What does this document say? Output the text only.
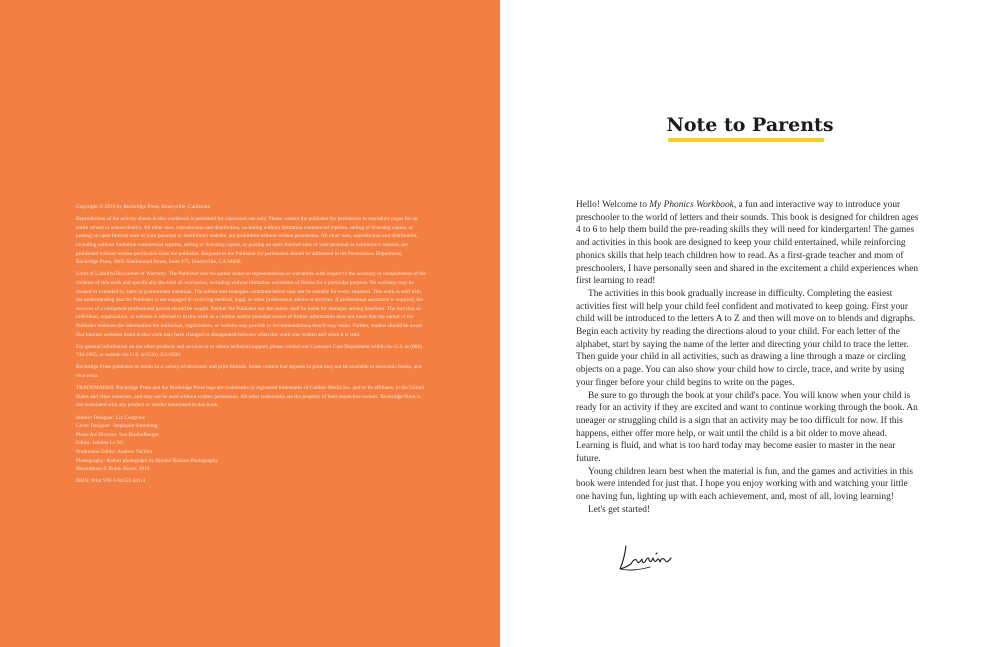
Copyright © 2019 by Rockridge Press, Emeryville, California

Reproduction of the activity sheets in this workbook is permitted for classroom use only. Please contact the publisher for permission to reproduce pages for an entire school or school district. All other uses, reproduction and distribution, including without limitation commercial reprints, selling or licensing copies, or posting on open Internet sites or your personal or institution's website, are prohibited without written permission. All other uses, reproduction and distribution, including without limitation commercial reprints, selling or licensing copies, or posting on open Internet sites or your personal or institution's website, are prohibited without written permission from the publisher. Requests to the Publisher for permission should be addressed to the Permissions Department, Rockridge Press, 6005 Shellmound Street, Suite 175, Emeryville, CA 94608.

Limit of Liability/Disclaimer of Warranty: The Publisher and the author make no representations or warranties with respect to the accuracy or completeness of the contents of this work and specifically disclaim all warranties, including without limitation warranties of fitness for a particular purpose. No warranty may be created or extended by sales or promotional materials. The advice and strategies contained herein may not be suitable for every situation. This work is sold with the understanding that the Publisher is not engaged in rendering medical, legal, or other professional advice or services. If professional assistance is required, the services of a competent professional person should be sought. Neither the Publisher nor the author shall be liable for damages arising herefrom. The fact that an individual, organization, or website is referred to in this work as a citation and/or potential source of further information does not mean that the author or the Publisher endorses the information the individual, organization, or website may provide or recommendations they/it may make. Further, readers should be aware that Internet websites listed in this work may have changed or disappeared between when this work was written and when it is read.

For general information on our other products and services or to obtain technical support, please contact our Customer Care Department within the U.S. at (866) 744-2665, or outside the U.S. at (510) 253-0500.

Rockridge Press publishes its books in a variety of electronic and print formats. Some content that appears in print may not be available in electronic books, and vice versa.

TRADEMARKS: Rockridge Press and the Rockridge Press logo are trademarks or registered trademarks of Callisto Media Inc. and/or its affiliates, in the United States and other countries, and may not be used without written permission. All other trademarks are the property of their respective owners. Rockridge Press is not associated with any product or vendor mentioned in this book.

Interior Designer: Liz Cosgrove

Cover Designer: Stephanie Sumulong

Photo Art Director: Sue Bischofberger

Editor: Jeanine Le Ny

Production Editor: Andrew Yackira

Photography: Author photograph by Brooke Bakken Photography

Illustrations © Robin Boyer, 2019.

ISBN: Print 978-1-64152-441-4

Note to Parents

Hello! Welcome to My Phonics Workbook, a fun and interactive way to introduce your preschooler to the world of letters and their sounds. This book is designed for children ages 4 to 6 to help them build the pre-reading skills they will need for kindergarten! The games and activities in this book are designed to keep your child entertained, while reinforcing phonics skills that help teach children how to read. As a first-grade teacher and mom of preschoolers, I have personally seen and shared in the excitement a child experiences when first learning to read!

The activities in this book gradually increase in difficulty. Completing the easiest activities first will help your child feel confident and motivated to keep going. First your child will be introduced to the letters A to Z and then will move on to blends and digraphs. Begin each activity by reading the directions aloud to your child. For each letter of the alphabet, start by saying the name of the letter and directing your child to trace the letter. Then guide your child in all activities, such as drawing a line through a maze or circling objects on a page. You can also show your child how to circle, trace, and write by using your finger before your child begins to write on the pages.

Be sure to go through the book at your child's pace. You will know when your child is ready for an activity if they are excited and want to continue working through the book. An uneager or struggling child is a sign that an activity may be too difficult for now. If this happens, either offer more help, or wait until the child is a bit older to move ahead. Learning is fluid, and what is too hard today may become easier to master in the near future.

Young children learn best when the material is fun, and the games and activities in this book were intended for just that. I hope you enjoy working with and watching your little one having fun, lighting up with each achievement, and, most of all, loving learning!

Let's get started!
